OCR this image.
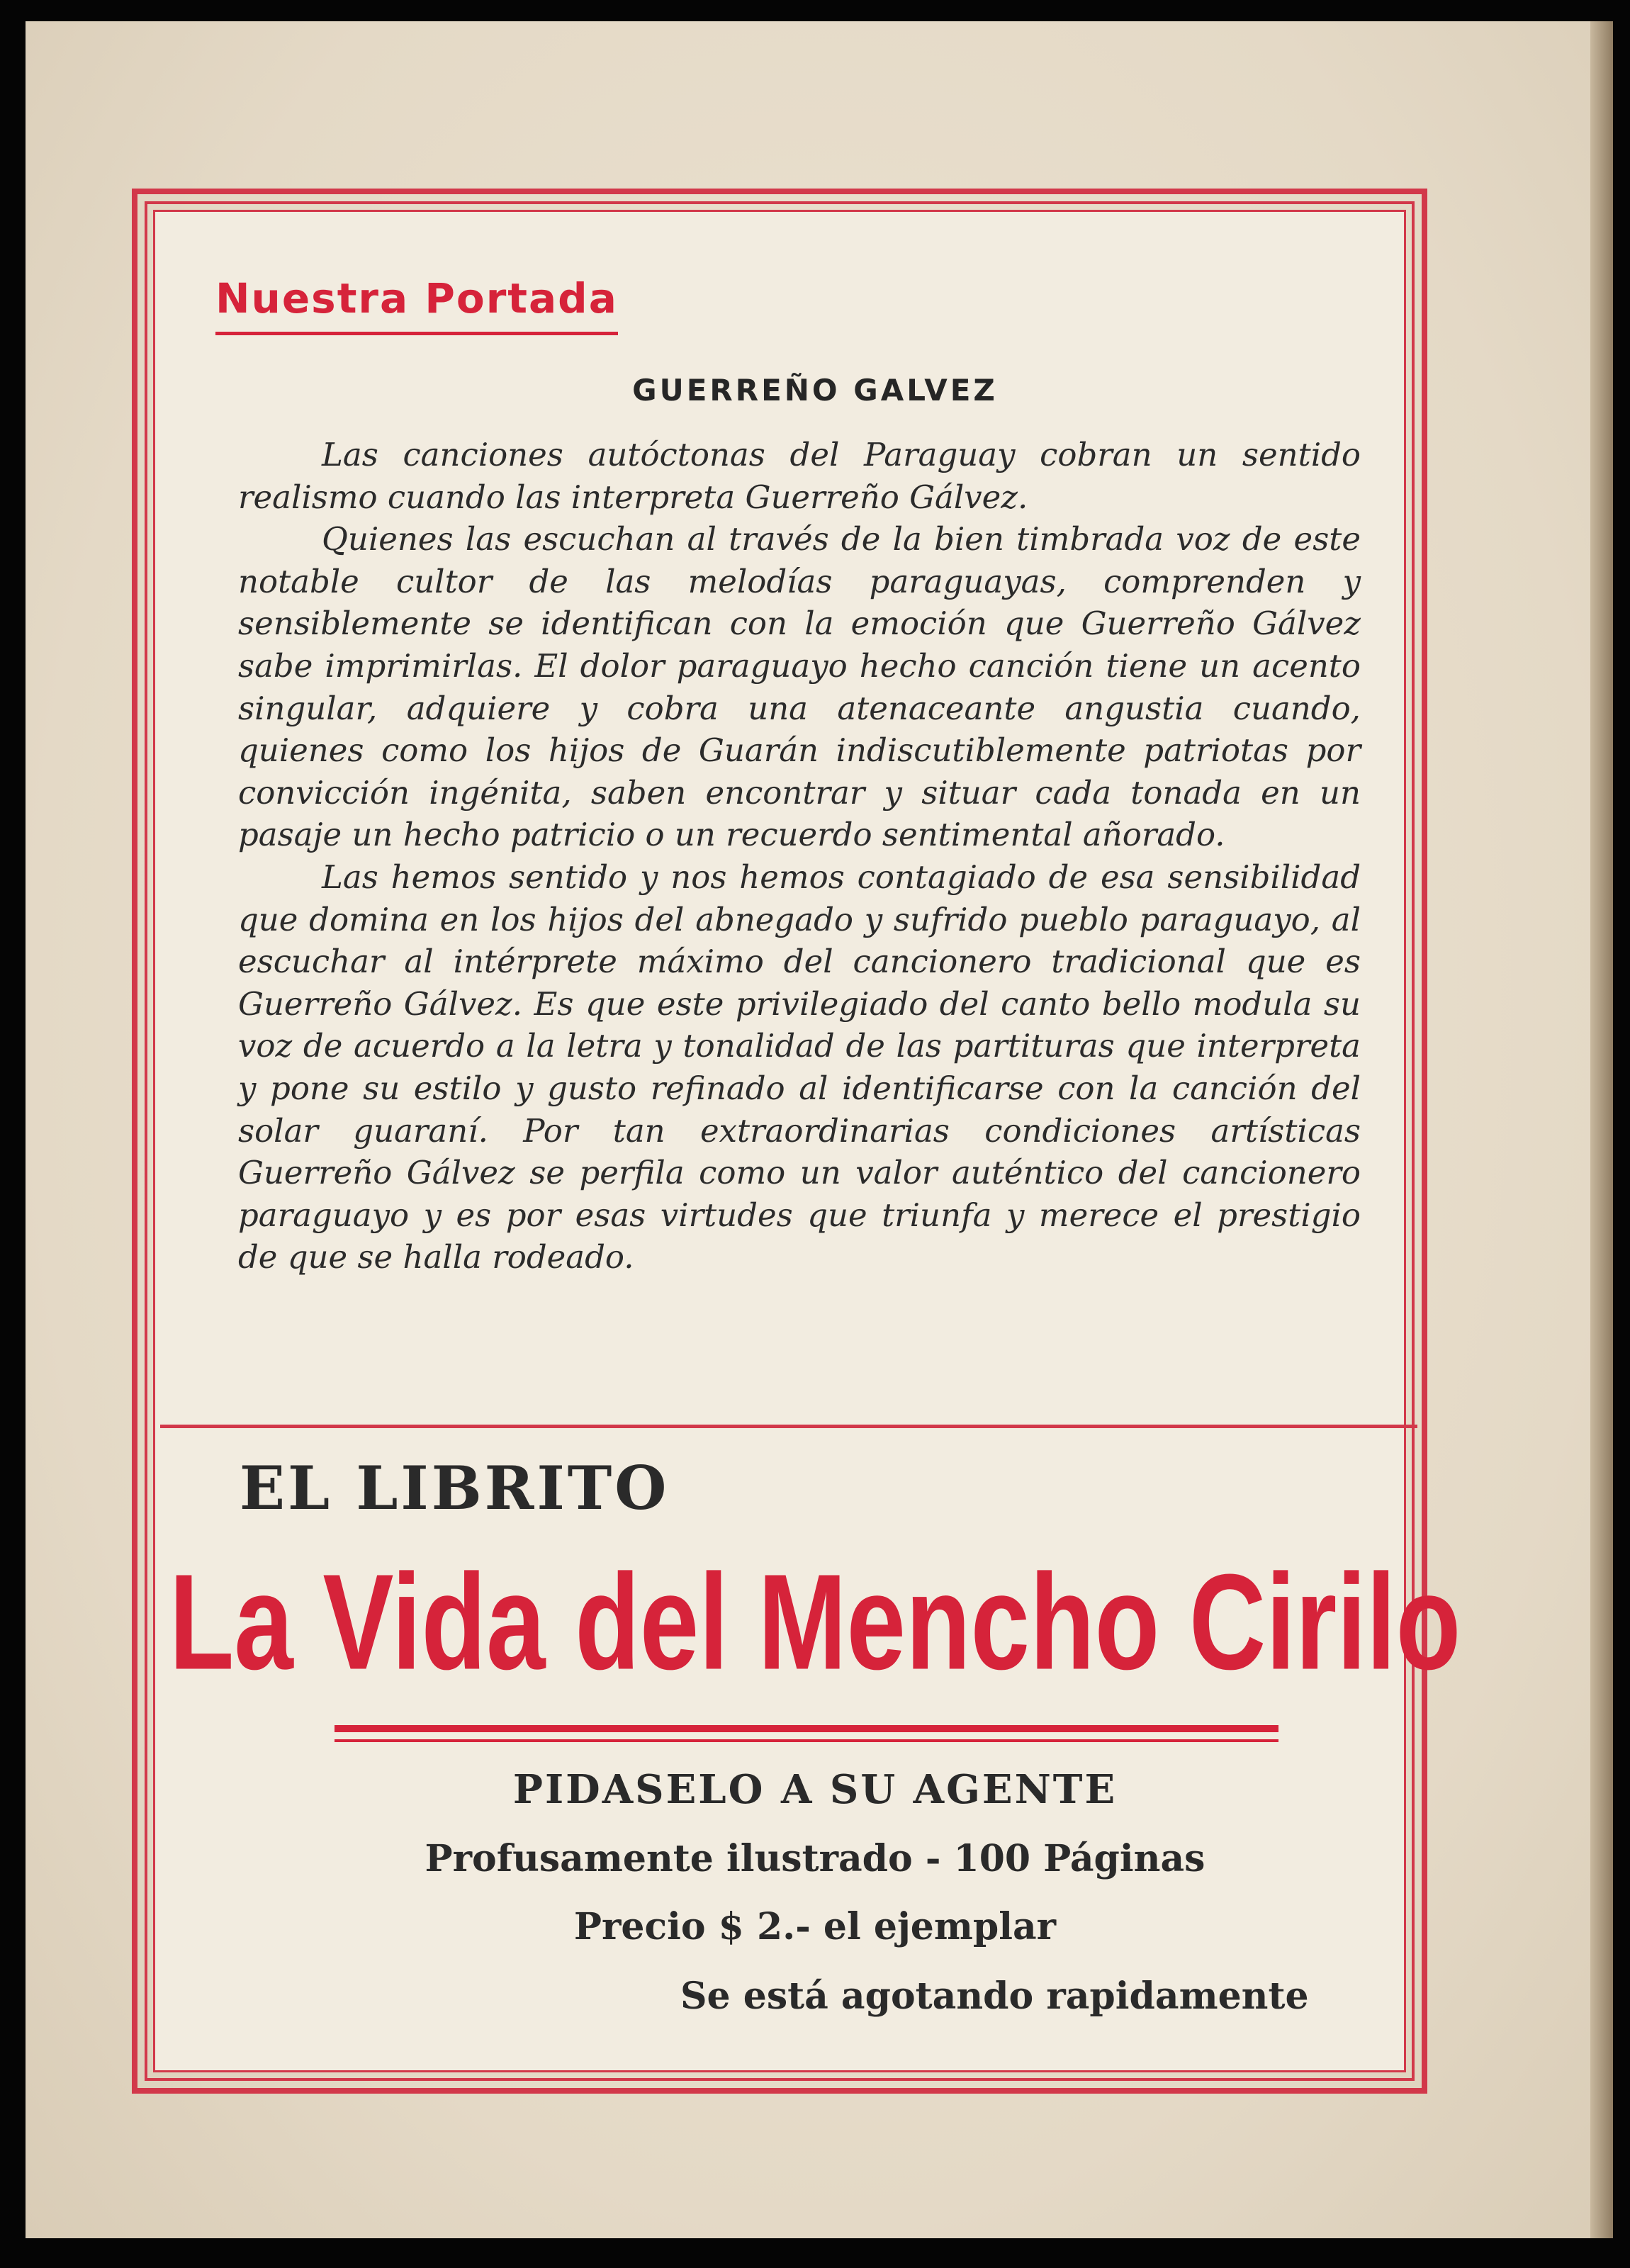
Nuestra Portada
GUERREÑO GALVEZ

Las canciones autóctonas del Paraguay cobran un sentido realismo cuando las interpreta Guerreño Gálvez.

Quienes las escuchan al través de la bien timbrada voz de este notable cultor de las melodías paraguayas, comprenden y sensiblemente se identifican con la emoción que Guerreño Gálvez sabe imprimirlas. El dolor paraguayo hecho canción tiene un acento singular, adquiere y cobra una atenaceante angustia cuando, quienes como los hijos de Guarán indiscutiblemente patriotas por convicción ingénita, saben encontrar y situar cada tonada en un pasaje un hecho patricio o un recuerdo sentimental añorado.

Las hemos sentido y nos hemos contagiado de esa sensibilidad que domina en los hijos del abnegado y sufrido pueblo paraguayo, al escuchar al intérprete máximo del cancionero tradicional que es Guerreño Gálvez. Es que este privilegiado del canto bello modula su voz de acuerdo a la letra y tonalidad de las partituras que interpreta y pone su estilo y gusto refinado al identificarse con la canción del solar guaraní. Por tan extraordinarias condiciones artísticas Guerreño Gálvez se perfila como un valor auténtico del cancionero paraguayo y es por esas virtudes que triunfa y merece el prestigio de que se halla rodeado.

EL LIBRITO
La Vida del Mencho Cirilo

PIDASELO A SU AGENTE

Profusamente ilustrado - 100 Páginas

Precio $ 2.- el ejemplar

Se está agotando rapidamente
